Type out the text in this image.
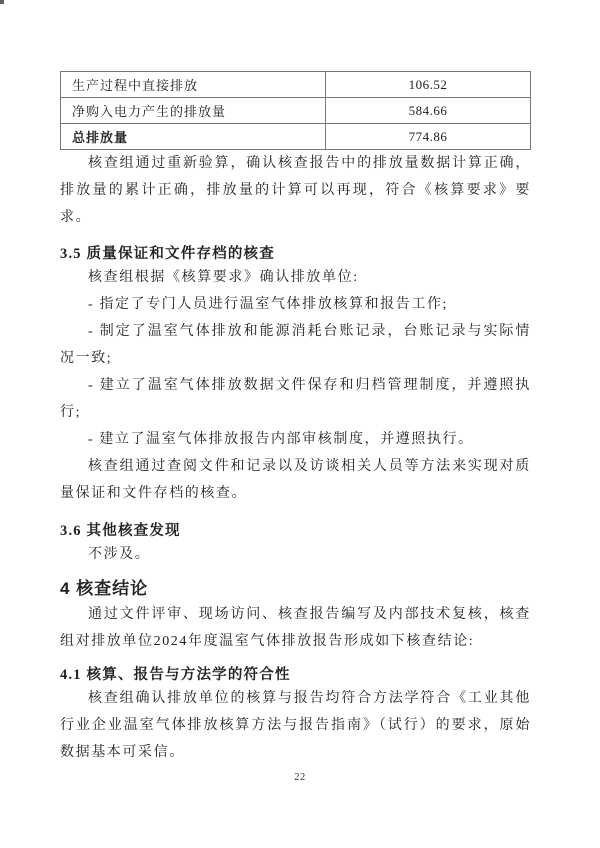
生产过程中直接排放	106.52
净购入电力产生的排放量	584.66
总排放量	774.86

核查组通过重新验算，确认核查报告中的排放量数据计算正确，排放量的累计正确，排放量的计算可以再现，符合《核算要求》要求。

3.5 质量保证和文件存档的核查

核查组根据《核算要求》确认排放单位:

- 指定了专门人员进行温室气体排放核算和报告工作;

- 制定了温室气体排放和能源消耗台账记录，台账记录与实际情况一致;

- 建立了温室气体排放数据文件保存和归档管理制度，并遵照执行;

- 建立了温室气体排放报告内部审核制度，并遵照执行。

核查组通过查阅文件和记录以及访谈相关人员等方法来实现对质量保证和文件存档的核查。

3.6 其他核查发现

不涉及。

4 核查结论

通过文件评审、现场访问、核查报告编写及内部技术复核，核查组对排放单位2024年度温室气体排放报告形成如下核查结论:

4.1 核算、报告与方法学的符合性

核查组确认排放单位的核算与报告均符合方法学符合《工业其他行业企业温室气体排放核算方法与报告指南》（试行）的要求，原始数据基本可采信。

22
